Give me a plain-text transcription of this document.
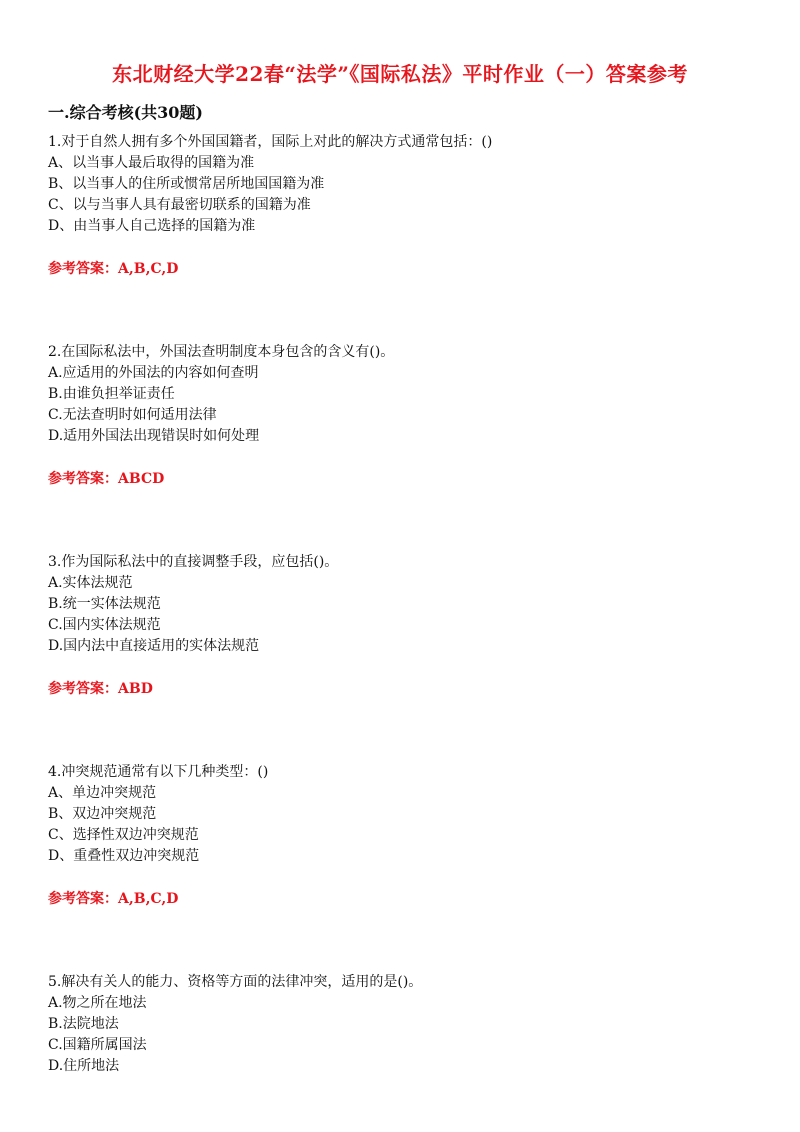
东北财经大学22春“法学”《国际私法》平时作业（一）答案参考
一.综合考核(共30题)
1.对于自然人拥有多个外国国籍者，国际上对此的解决方式通常包括：()
A、以当事人最后取得的国籍为准
B、以当事人的住所或惯常居所地国国籍为准
C、以与当事人具有最密切联系的国籍为准
D、由当事人自己选择的国籍为准
参考答案：A,B,C,D
2.在国际私法中，外国法查明制度本身包含的含义有()。
A.应适用的外国法的内容如何查明
B.由谁负担举证责任
C.无法查明时如何适用法律
D.适用外国法出现错误时如何处理
参考答案：ABCD
3.作为国际私法中的直接调整手段，应包括()。
A.实体法规范
B.统一实体法规范
C.国内实体法规范
D.国内法中直接适用的实体法规范
参考答案：ABD
4.冲突规范通常有以下几种类型：()
A、单边冲突规范
B、双边冲突规范
C、选择性双边冲突规范
D、重叠性双边冲突规范
参考答案：A,B,C,D
5.解决有关人的能力、资格等方面的法律冲突，适用的是()。
A.物之所在地法
B.法院地法
C.国籍所属国法
D.住所地法
